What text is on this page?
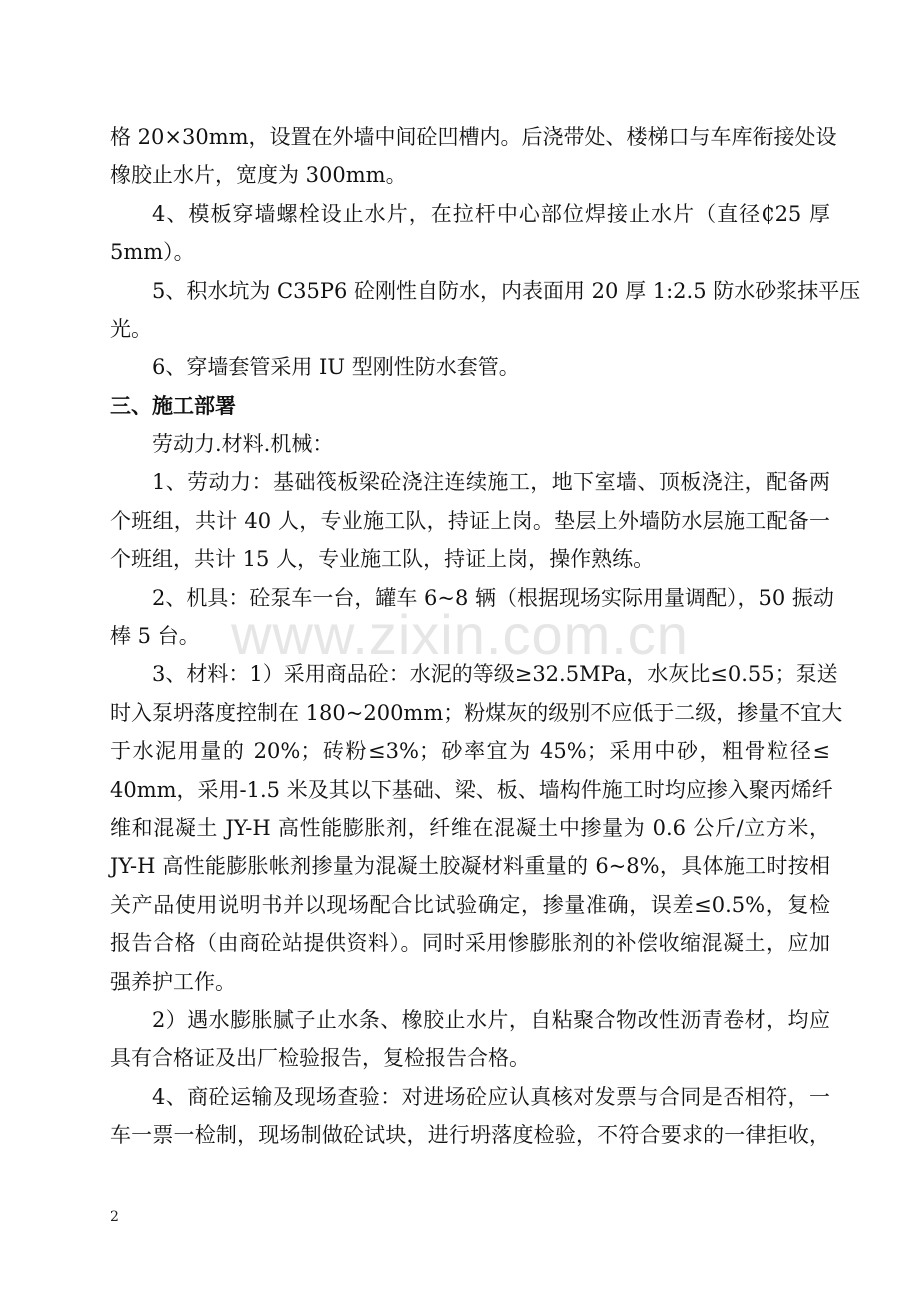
www.zixin.com.cn
格 20×30mm，设置在外墙中间砼凹槽内。后浇带处、楼梯口与车库衔接处设
橡胶止水片，宽度为 300mm。
4、模板穿墙螺栓设止水片，在拉杆中心部位焊接止水片（直径₵25 厚
5mm）。
5、积水坑为 C35P6 砼刚性自防水，内表面用 20 厚 1:2.5 防水砂浆抹平压
光。
6、穿墙套管采用 IU 型刚性防水套管。
三、施工部署
劳动力.材料.机械：
1、劳动力：基础筏板梁砼浇注连续施工，地下室墙、顶板浇注，配备两
个班组，共计 40 人，专业施工队，持证上岗。垫层上外墙防水层施工配备一
个班组，共计 15 人，专业施工队，持证上岗，操作熟练。
2、机具：砼泵车一台，罐车 6~8 辆（根据现场实际用量调配），50 振动
棒 5 台。
3、材料：1）采用商品砼：水泥的等级≥32.5MPa，水灰比≤0.55；泵送
时入泵坍落度控制在 180~200mm；粉煤灰的级别不应低于二级，掺量不宜大
于水泥用量的 20%；砖粉≤3%；砂率宜为 45%；采用中砂，粗骨粒径≤
40mm，采用-1.5 米及其以下基础、梁、板、墙构件施工时均应掺入聚丙烯纤
维和混凝土 JY-H 高性能膨胀剂，纤维在混凝土中掺量为 0.6 公斤/立方米，
JY-H 高性能膨胀帐剂掺量为混凝土胶凝材料重量的 6~8%，具体施工时按相
关产品使用说明书并以现场配合比试验确定，掺量准确，误差≤0.5%，复检
报告合格（由商砼站提供资料）。同时采用惨膨胀剂的补偿收缩混凝土，应加
强养护工作。
2）遇水膨胀腻子止水条、橡胶止水片，自粘聚合物改性沥青卷材，均应
具有合格证及出厂检验报告，复检报告合格。
4、商砼运输及现场查验：对进场砼应认真核对发票与合同是否相符，一
车一票一检制，现场制做砼试块，进行坍落度检验，不符合要求的一律拒收，
2
